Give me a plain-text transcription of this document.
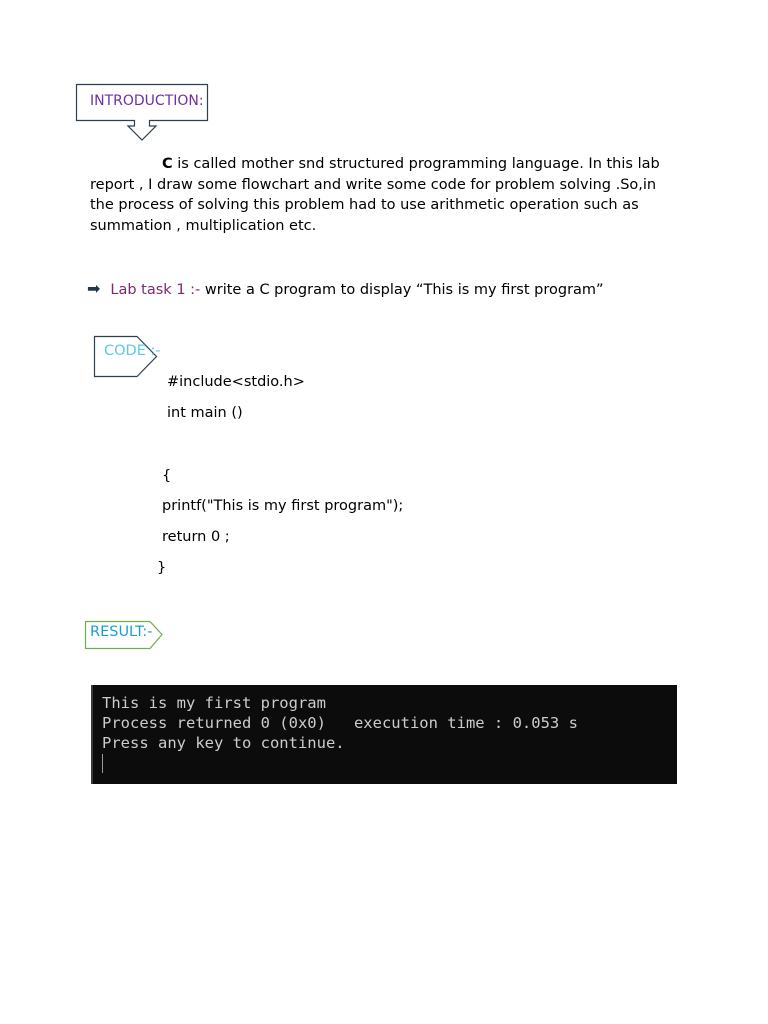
INTRODUCTION:
C is called mother snd structured programming language. In this lab report , I draw some flowchart and write some code for problem solving .So,in the process of solving this problem had to use arithmetic operation such as summation , multiplication etc.
➡ Lab task 1 :- write a C program to display “This is my first program”
CODE :-
#include<stdio.h>
int main ()
{
printf("This is my first program");
return 0 ;
}
RESULT:-
This is my first program
Process returned 0 (0x0)   execution time : 0.053 s
Press any key to continue.
